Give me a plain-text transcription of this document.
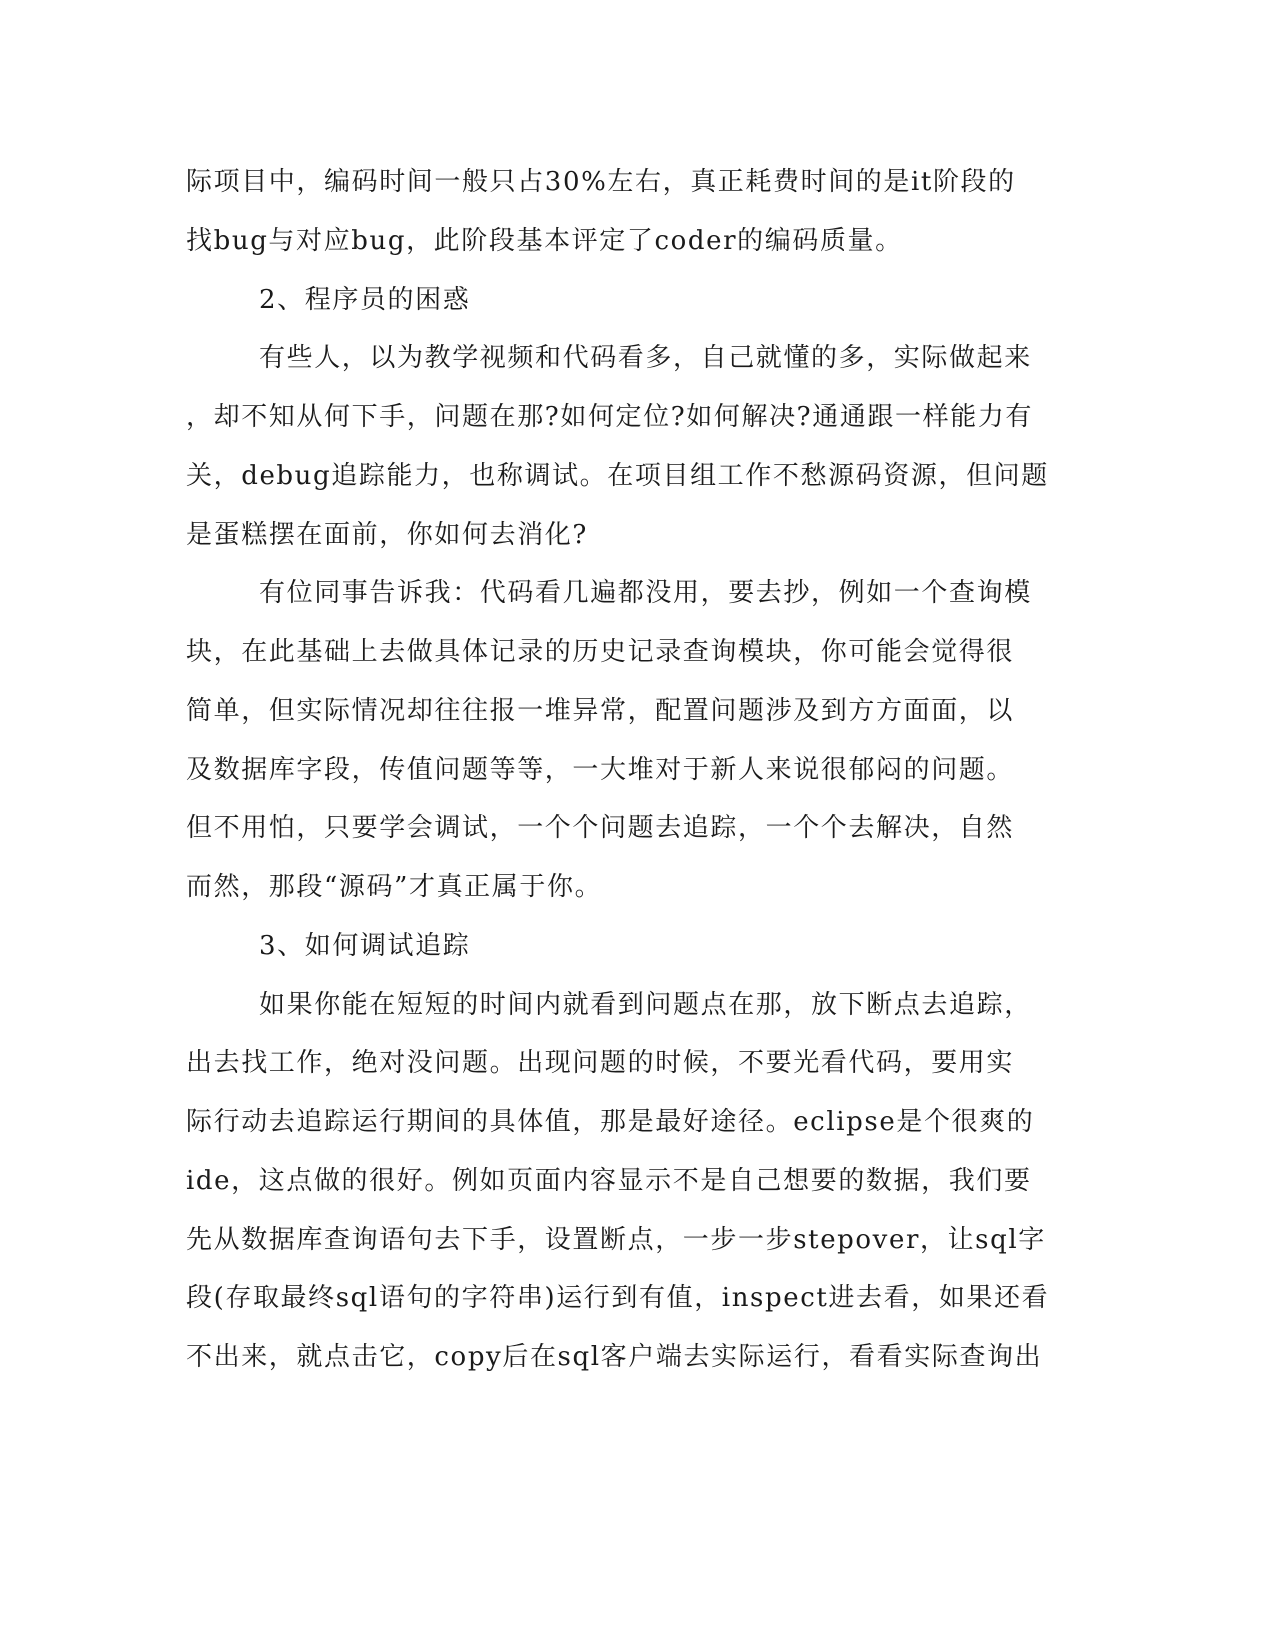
际项目中，编码时间一般只占30%左右，真正耗费时间的是it阶段的
找bug与对应bug，此阶段基本评定了coder的编码质量。
2、程序员的困惑
有些人，以为教学视频和代码看多，自己就懂的多，实际做起来
，却不知从何下手，问题在那?如何定位?如何解决?通通跟一样能力有
关，debug追踪能力，也称调试。在项目组工作不愁源码资源，但问题
是蛋糕摆在面前，你如何去消化?
有位同事告诉我：代码看几遍都没用，要去抄，例如一个查询模
块，在此基础上去做具体记录的历史记录查询模块，你可能会觉得很
简单，但实际情况却往往报一堆异常，配置问题涉及到方方面面，以
及数据库字段，传值问题等等，一大堆对于新人来说很郁闷的问题。
但不用怕，只要学会调试，一个个问题去追踪，一个个去解决，自然
而然，那段“源码”才真正属于你。
3、如何调试追踪
如果你能在短短的时间内就看到问题点在那，放下断点去追踪，
出去找工作，绝对没问题。出现问题的时候，不要光看代码，要用实
际行动去追踪运行期间的具体值，那是最好途径。eclipse是个很爽的
ide，这点做的很好。例如页面内容显示不是自己想要的数据，我们要
先从数据库查询语句去下手，设置断点，一步一步stepover，让sql字
段(存取最终sql语句的字符串)运行到有值，inspect进去看，如果还看
不出来，就点击它，copy后在sql客户端去实际运行，看看实际查询出
